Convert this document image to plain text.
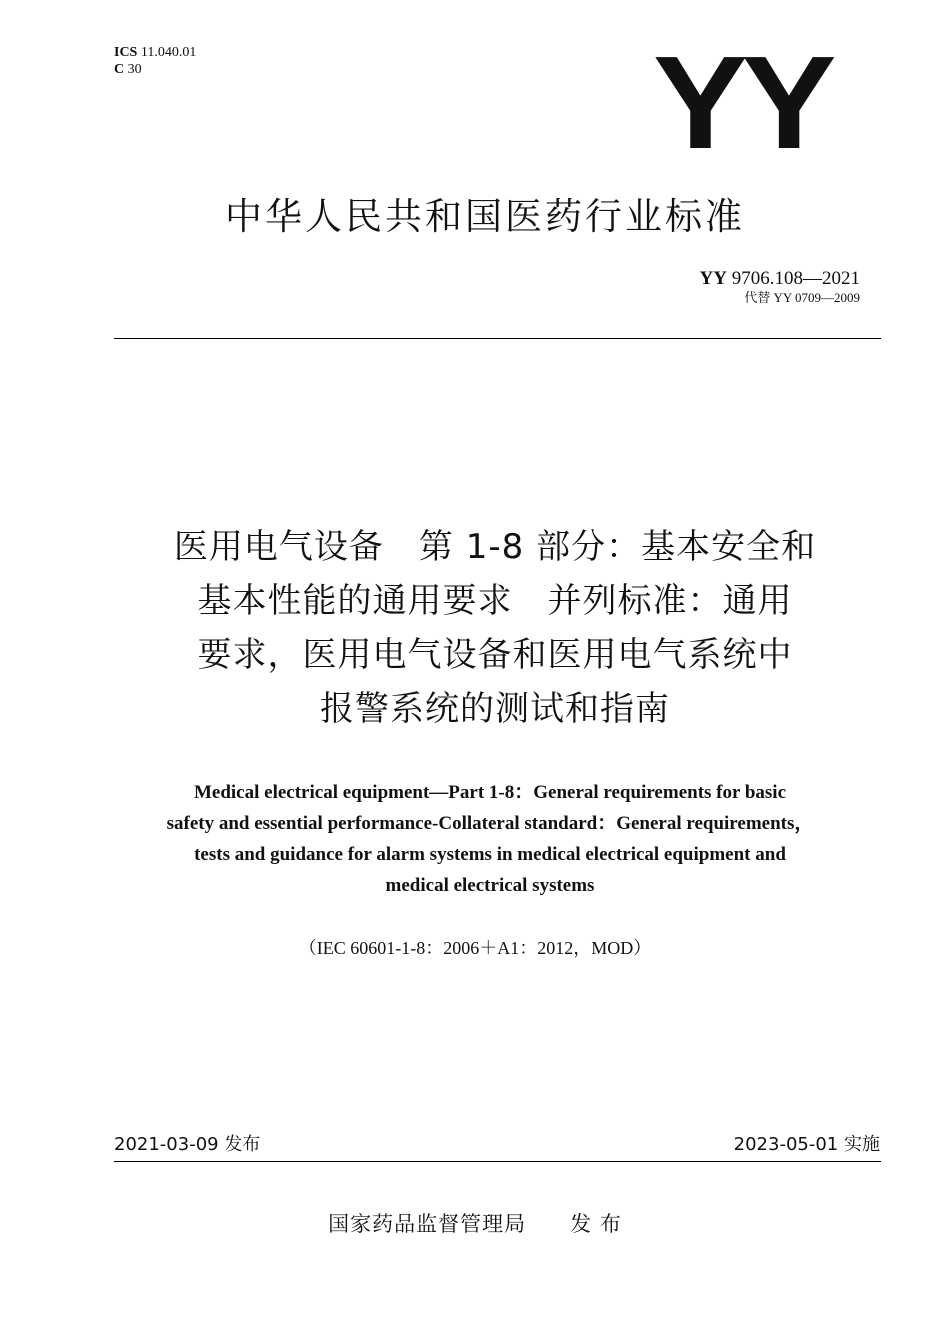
ICS 11.040.01
C 30	YY
中华人民共和国医药行业标准
YY 9706.108—2021
代替 YY 0709—2009
医用电气设备　第 1-8 部分：基本安全和
基本性能的通用要求　并列标准：通用
要求，医用电气设备和医用电气系统中
报警系统的测试和指南
Medical electrical equipment—Part 1-8：General requirements for basic
safety and essential performance-Collateral standard：General requirements，
tests and guidance for alarm systems in medical electrical equipment and
medical electrical systems
（IEC 60601-1-8：2006＋A1：2012，MOD）
2021-03-09 发布	2023-05-01 实施
国家药品监督管理局 发 布
